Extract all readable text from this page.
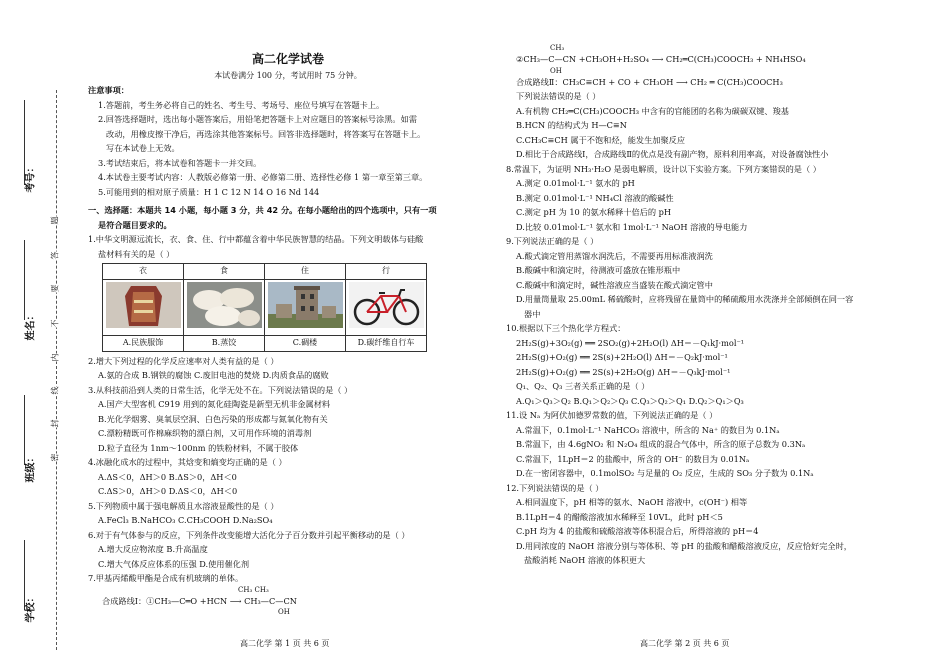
考号：
姓名：
班级：
学校：
题
答
要
不
内
线
封
密
高二化学试卷
本试卷满分 100 分，考试用时 75 分钟。

注意事项：

1.答题前，考生务必将自己的姓名、考生号、考场号、座位号填写在答题卡上。

2.回答选择题时，选出每小题答案后，用铅笔把答题卡上对应题目的答案标号涂黑。如需

改动，用橡皮擦干净后，再选涂其他答案标号。回答非选择题时，将答案写在答题卡上。

写在本试卷上无效。

3.考试结束后，将本试卷和答题卡一并交回。

4.本试卷主要考试内容：人教版必修第一册、必修第二册、选择性必修 1 第一章至第三章。

5.可能用到的相对原子质量：H 1 C 12 N 14 O 16 Nd 144

一、选择题：本题共 14 小题，每小题 3 分，共 42 分。在每小题给出的四个选项中，只有一项

是符合题目要求的。

1.中华文明源远流长，衣、食、住、行中都蕴含着中华民族智慧的结晶。下列文明载体与硅酸

盐材料有关的是（ ）

衣	食	住	行

A.民族服饰	B.蒸饺	C.碉楼	D.碳纤维自行车

2.增大下列过程的化学反应速率对人类有益的是（ ）

A.氨的合成 B.钢铁的腐蚀 C.废旧电池的焚烧 D.肉质食品的腐败

3.从科技前沿到人类的日常生活，化学无处不在。下列说法错误的是（ ）

A.国产大型客机 C919 用到的氮化硅陶瓷是新型无机非金属材料

B.光化学烟雾、臭氧层空洞、白色污染的形成都与氮氧化物有关

C.漂粉精既可作棉麻织物的漂白剂，又可用作环境的消毒剂

D.粒子直径为 1nm～100nm 的铁粉材料，不属于胶体

4.冰融化成水的过程中，其焓变和熵变均正确的是（ ）

A.ΔS＜0，ΔH＞0 B.ΔS＞0，ΔH＜0

C.ΔS＞0，ΔH＞0 D.ΔS＜0，ΔH＜0

5.下列物质中属于强电解质且水溶液显酸性的是（ ）

A.FeCl₃ B.NaHCO₃ C.CH₃COOH D.Na₂SO₄

6.对于有气体参与的反应，下列条件改变能增大活化分子百分数并引起平衡移动的是（ ）

A.增大反应物浓度 B.升高温度

C.增大气体反应体系的压强 D.使用催化剂

7.甲基丙烯酸甲酯是合成有机玻璃的单体。

CH₃ CH₃

合成路线Ⅰ：①CH₃—C═O +HCN ⟶ CH₃—C—CN

OH

CH₃

②CH₃—C—CN +CH₃OH+H₂SO₄ ⟶ CH₂═C(CH₃)COOCH₃ + NH₄HSO₄

OH

合成路线Ⅱ：CH₃C≡CH + CO + CH₃OH ⟶ CH₂ ═ C(CH₃)COOCH₃

下列说法错误的是（ ）

A.有机物 CH₂═C(CH₃)COOCH₃ 中含有的官能团的名称为碳碳双键、羧基

B.HCN 的结构式为 H—C≡N

C.CH₃C≡CH 属于不饱和烃，能发生加聚反应

D.相比于合成路线Ⅰ，合成路线Ⅱ的优点是没有副产物，原料利用率高，对设备腐蚀性小

8.常温下，为证明 NH₃·H₂O 是弱电解质，设计以下实验方案。下列方案错误的是（ ）

A.测定 0.01mol·L⁻¹ 氨水的 pH

B.测定 0.01mol·L⁻¹ NH₄Cl 溶液的酸碱性

C.测定 pH 为 10 的氨水稀释十倍后的 pH

D.比较 0.01mol·L⁻¹ 氨水和 1mol·L⁻¹ NaOH 溶液的导电能力

9.下列说法正确的是（ ）

A.酸式滴定管用蒸馏水润洗后，不需要再用标准液润洗

B.酸碱中和滴定时，待测液可盛放在锥形瓶中

C.酸碱中和滴定时，碱性溶液应当盛装在酸式滴定管中

D.用量筒量取 25.00mL 稀硫酸时，应将残留在量筒中的稀硫酸用水洗涤并全部倾倒在同一容

器中

10.根据以下三个热化学方程式：

2H₂S(g)+3O₂(g) ══ 2SO₂(g)+2H₂O(l) ΔH＝－Q₁kJ·mol⁻¹

2H₂S(g)+O₂(g) ══ 2S(s)+2H₂O(l) ΔH＝－Q₂kJ·mol⁻¹

2H₂S(g)+O₂(g) ══ 2S(s)+2H₂O(g) ΔH＝－Q₃kJ·mol⁻¹

Q₁、Q₂、Q₃ 三者关系正确的是（ ）

A.Q₁＞Q₃＞Q₂ B.Q₁＞Q₂＞Q₃ C.Q₃＞Q₂＞Q₁ D.Q₂＞Q₁＞Q₃

11.设 Nₐ 为阿伏加德罗常数的值，下列说法正确的是（ ）

A.常温下，0.1mol·L⁻¹ NaHCO₃ 溶液中，所含的 Na⁺ 的数目为 0.1Nₐ

B.常温下，由 4.6gNO₂ 和 N₂O₄ 组成的混合气体中，所含的原子总数为 0.3Nₐ

C.常温下，1LpH＝2 的盐酸中，所含的 OH⁻ 的数目为 0.01Nₐ

D.在一密闭容器中，0.1molSO₂ 与足量的 O₂ 反应，生成的 SO₃ 分子数为 0.1Nₐ

12.下列说法错误的是（ ）

A.相同温度下，pH 相等的氨水、NaOH 溶液中，c(OH⁻) 相等

B.1LpH＝4 的醋酸溶液加水稀释至 10VL，此时 pH＜5

C.pH 均为 4 的盐酸和硫酸溶液等体积混合后，所得溶液的 pH＝4

D.用同浓度的 NaOH 溶液分别与等体积、等 pH 的盐酸和醋酸溶液反应，反应恰好完全时，

盐酸消耗 NaOH 溶液的体积更大

高二化学 第 1 页 共 6 页	高二化学 第 2 页 共 6 页
